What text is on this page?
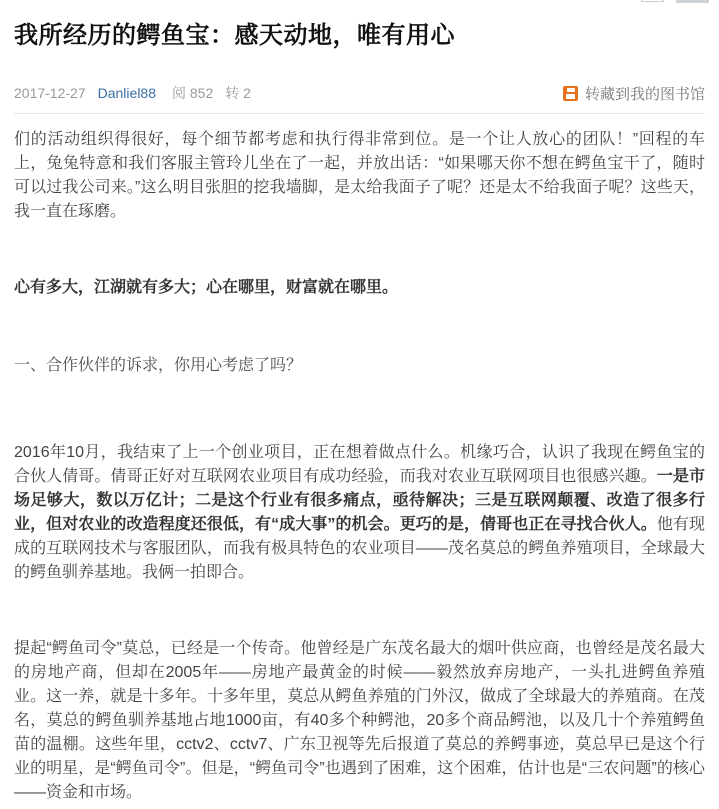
我所经历的鳄鱼宝：感天动地，唯有用心
2017-12-27 Danliel88 阅 852 转 2	转藏到我的图书馆

们的活动组织得很好，每个细节都考虑和执行得非常到位。是一个让人放心的团队！”回程的车上，兔兔特意和我们客服主管玲儿坐在了一起，并放出话：“如果哪天你不想在鳄鱼宝干了，随时可以过我公司来。”这么明目张胆的挖我墙脚，是太给我面子了呢？还是太不给我面子呢？这些天，我一直在琢磨。

心有多大，江湖就有多大；心在哪里，财富就在哪里。

一、合作伙伴的诉求，你用心考虑了吗？

2016年10月，我结束了上一个创业项目，正在想着做点什么。机缘巧合，认识了我现在鳄鱼宝的合伙人倩哥。倩哥正好对互联网农业项目有成功经验，而我对农业互联网项目也很感兴趣。一是市场足够大，数以万亿计；二是这个行业有很多痛点，亟待解决；三是互联网颠覆、改造了很多行业，但对农业的改造程度还很低，有“成大事”的机会。更巧的是，倩哥也正在寻找合伙人。他有现成的互联网技术与客服团队，而我有极具特色的农业项目——茂名莫总的鳄鱼养殖项目，全球最大的鳄鱼驯养基地。我俩一拍即合。

提起“鳄鱼司令”莫总，已经是一个传奇。他曾经是广东茂名最大的烟叶供应商，也曾经是茂名最大的房地产商，但却在2005年——房地产最黄金的时候——毅然放弃房地产，一头扎进鳄鱼养殖业。这一养，就是十多年。十多年里，莫总从鳄鱼养殖的门外汉，做成了全球最大的养殖商。在茂名，莫总的鳄鱼驯养基地占地1000亩，有40多个种鳄池，20多个商品鳄池，以及几十个养殖鳄鱼苗的温棚。这些年里，cctv2、cctv7、广东卫视等先后报道了莫总的养鳄事迹，莫总早已是这个行业的明星，是“鳄鱼司令”。但是，“鳄鱼司令”也遇到了困难，这个困难，估计也是“三农问题”的核心——资金和市场。
